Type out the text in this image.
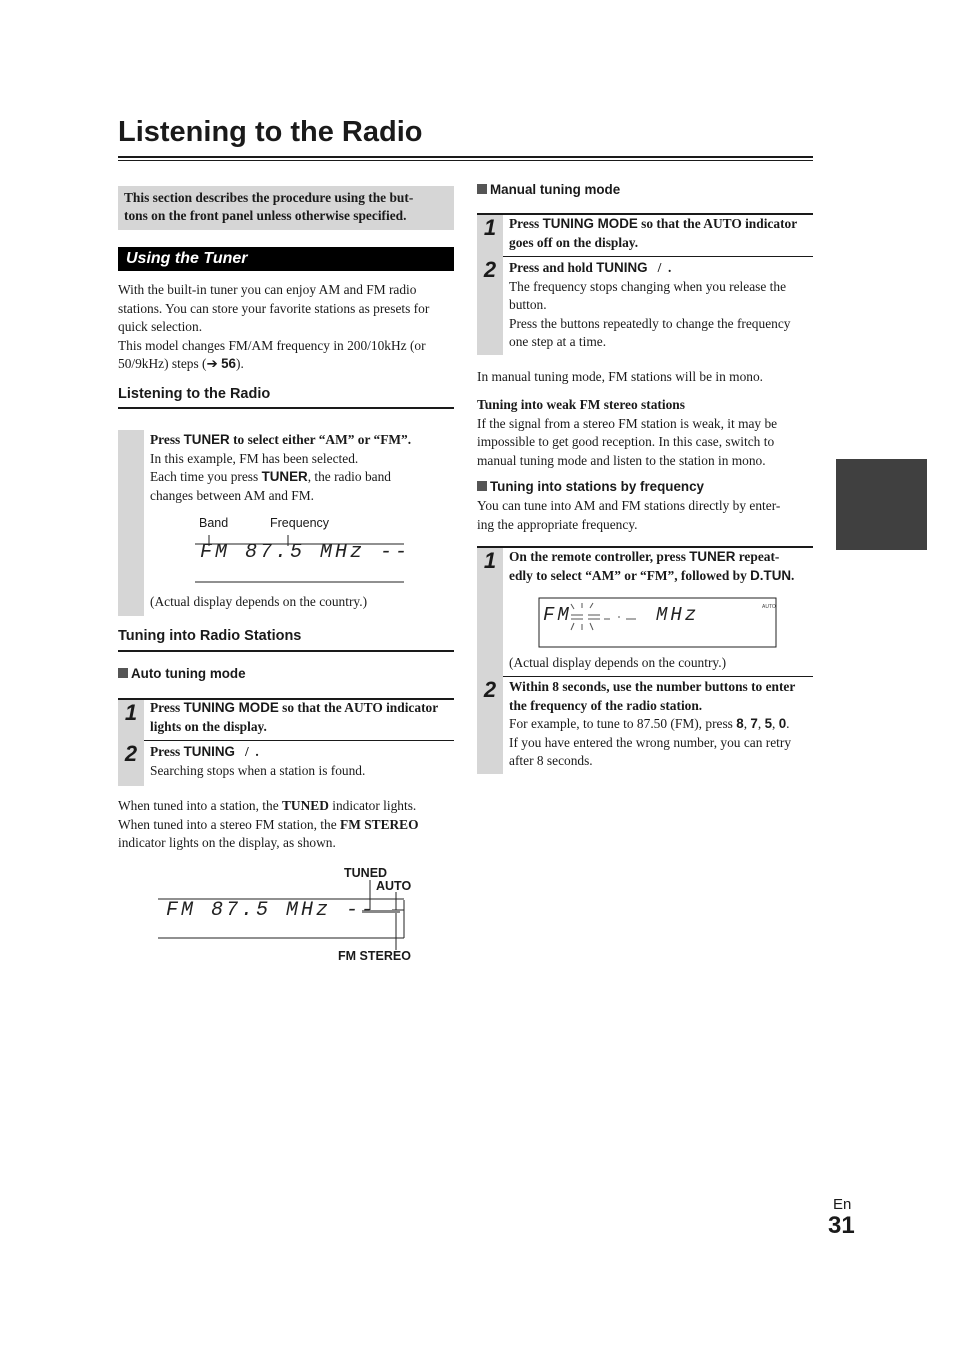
Listening to the Radio
This section describes the procedure using the but-
tons on the front panel unless otherwise specified.
Using the Tuner
With the built-in tuner you can enjoy AM and FM radio
stations. You can store your favorite stations as presets for
quick selection.
This model changes FM/AM frequency in 200/10kHz (or
50/9kHz) steps (➔ 56).
Listening to the Radio
Press TUNER to select either “AM” or “FM”.
In this example, FM has been selected.
Each time you press TUNER, the radio band
changes between AM and FM.
Band	Frequency
FM 87.5 MHz --
(Actual display depends on the country.)
Tuning into Radio Stations
Auto tuning mode
1 Press TUNING MODE so that the AUTO indicator
lights on the display.
2 Press TUNING   /  .
Searching stops when a station is found.
When tuned into a station, the TUNED indicator lights.
When tuned into a stereo FM station, the FM STEREO
indicator lights on the display, as shown.
TUNED
AUTO
FM 87.5 MHz --
FM STEREO
Manual tuning mode
1 Press TUNING MODE so that the AUTO indicator
goes off on the display.
2 Press and hold TUNING   /  .
The frequency stops changing when you release the
button.
Press the buttons repeatedly to change the frequency
one step at a time.
In manual tuning mode, FM stations will be in mono.
Tuning into weak FM stereo stations
If the signal from a stereo FM station is weak, it may be
impossible to get good reception. In this case, switch to
manual tuning mode and listen to the station in mono.
Tuning into stations by frequency
You can tune into AM and FM stations directly by enter-
ing the appropriate frequency.
1 On the remote controller, press TUNER repeat-
edly to select “AM” or “FM”, followed by D.TUN.
FM	MHz	AUTO
(Actual display depends on the country.)
2 Within 8 seconds, use the number buttons to enter
the frequency of the radio station.
For example, to tune to 87.50 (FM), press 8, 7, 5, 0.
If you have entered the wrong number, you can retry
after 8 seconds.
En
31
